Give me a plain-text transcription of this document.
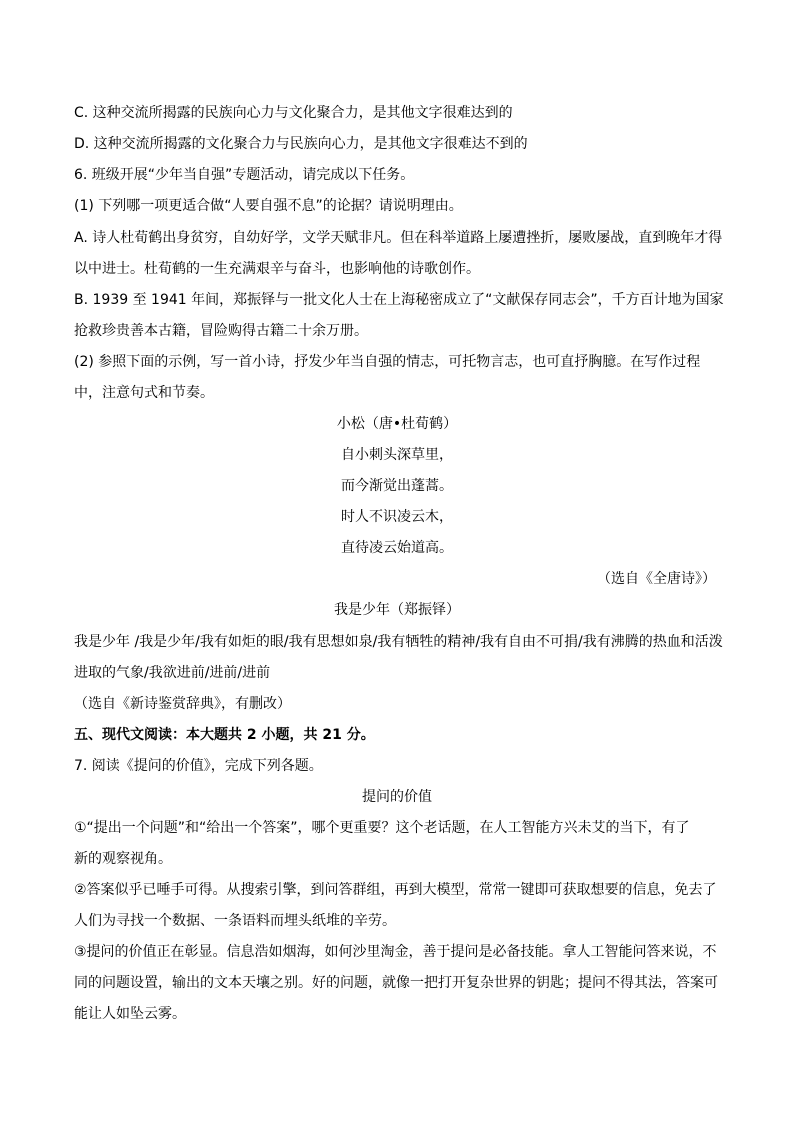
C. 这种交流所揭露的民族向心力与文化聚合力，是其他文字很难达到的
D. 这种交流所揭露的文化聚合力与民族向心力，是其他文字很难达不到的
6. 班级开展“少年当自强”专题活动，请完成以下任务。
(1) 下列哪一项更适合做“人要自强不息”的论据？请说明理由。
A. 诗人杜荀鹤出身贫穷，自幼好学，文学天赋非凡。但在科举道路上屡遭挫折，屡败屡战，直到晚年才得
以中进士。杜荀鹤的一生充满艰辛与奋斗，也影响他的诗歌创作。
B. 1939 至 1941 年间，郑振铎与一批文化人士在上海秘密成立了“文献保存同志会”，千方百计地为国家
抢救珍贵善本古籍，冒险购得古籍二十余万册。
(2) 参照下面的示例，写一首小诗，抒发少年当自强的情志，可托物言志，也可直抒胸臆。在写作过程
中，注意句式和节奏。
小松（唐•杜荀鹤）
自小刺头深草里，
而今渐觉出蓬蒿。
时人不识凌云木，
直待凌云始道高。
（选自《全唐诗》）
我是少年（郑振铎）
我是少年 /我是少年/我有如炬的眼/我有思想如泉/我有牺牲的精神/我有自由不可捐/我有沸腾的热血和活泼
进取的气象/我欲进前/进前/进前
（选自《新诗鉴赏辞典》，有删改）
五、现代文阅读：本大题共 2 小题，共 21 分。
7. 阅读《提问的价值》，完成下列各题。
提问的价值
①“提出一个问题”和“给出一个答案”，哪个更重要？这个老话题，在人工智能方兴未艾的当下，有了
新的观察视角。
②答案似乎已唾手可得。从搜索引擎，到问答群组，再到大模型，常常一键即可获取想要的信息，免去了
人们为寻找一个数据、一条语料而埋头纸堆的辛劳。
③提问的价值正在彰显。信息浩如烟海，如何沙里淘金，善于提问是必备技能。拿人工智能问答来说，不
同的问题设置，输出的文本天壤之别。好的问题，就像一把打开复杂世界的钥匙；提问不得其法，答案可
能让人如坠云雾。
